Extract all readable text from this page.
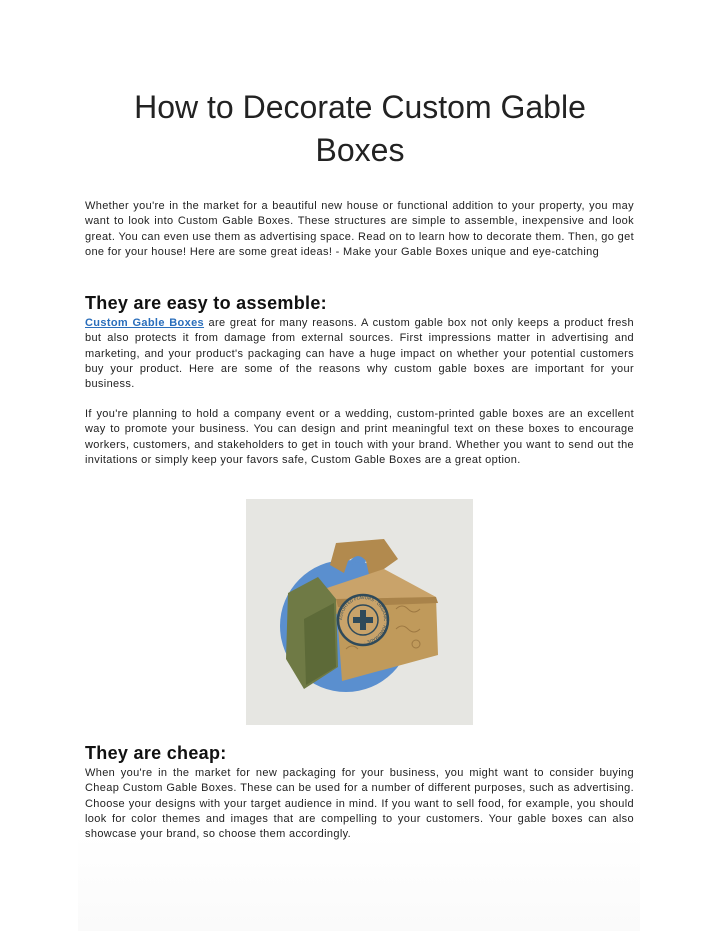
How to Decorate Custom Gable
Boxes

Whether you're in the market for a beautiful new house or functional addition to your property, you may want to look into Custom Gable Boxes. These structures are simple to assemble, inexpensive and look great. You can even use them as advertising space. Read on to learn how to decorate them. Then, go get one for your house! Here are some great ideas! - Make your Gable Boxes unique and eye-catching

They are easy to assemble:

Custom Gable Boxes are great for many reasons. A custom gable box not only keeps a product fresh but also protects it from damage from external sources. First impressions matter in advertising and marketing, and your product's packaging can have a huge impact on whether your potential customers buy your product. Here are some of the reasons why custom gable boxes are important for your business.

If you're planning to hold a company event or a wedding, custom-printed gable boxes are an excellent way to promote your business. You can design and print meaningful text on these boxes to encourage workers, customers, and stakeholders to get in touch with your brand. Whether you want to send out the invitations or simply keep your favors safe, Custom Gable Boxes are a great option.

ASSORTED FLAVORS · ORGANIC · HANDMADE ·
They are cheap:

When you're in the market for new packaging for your business, you might want to consider buying Cheap Custom Gable Boxes. These can be used for a number of different purposes, such as advertising. Choose your designs with your target audience in mind. If you want to sell food, for example, you should look for color themes and images that are compelling to your customers. Your gable boxes can also showcase your brand, so choose them accordingly.
